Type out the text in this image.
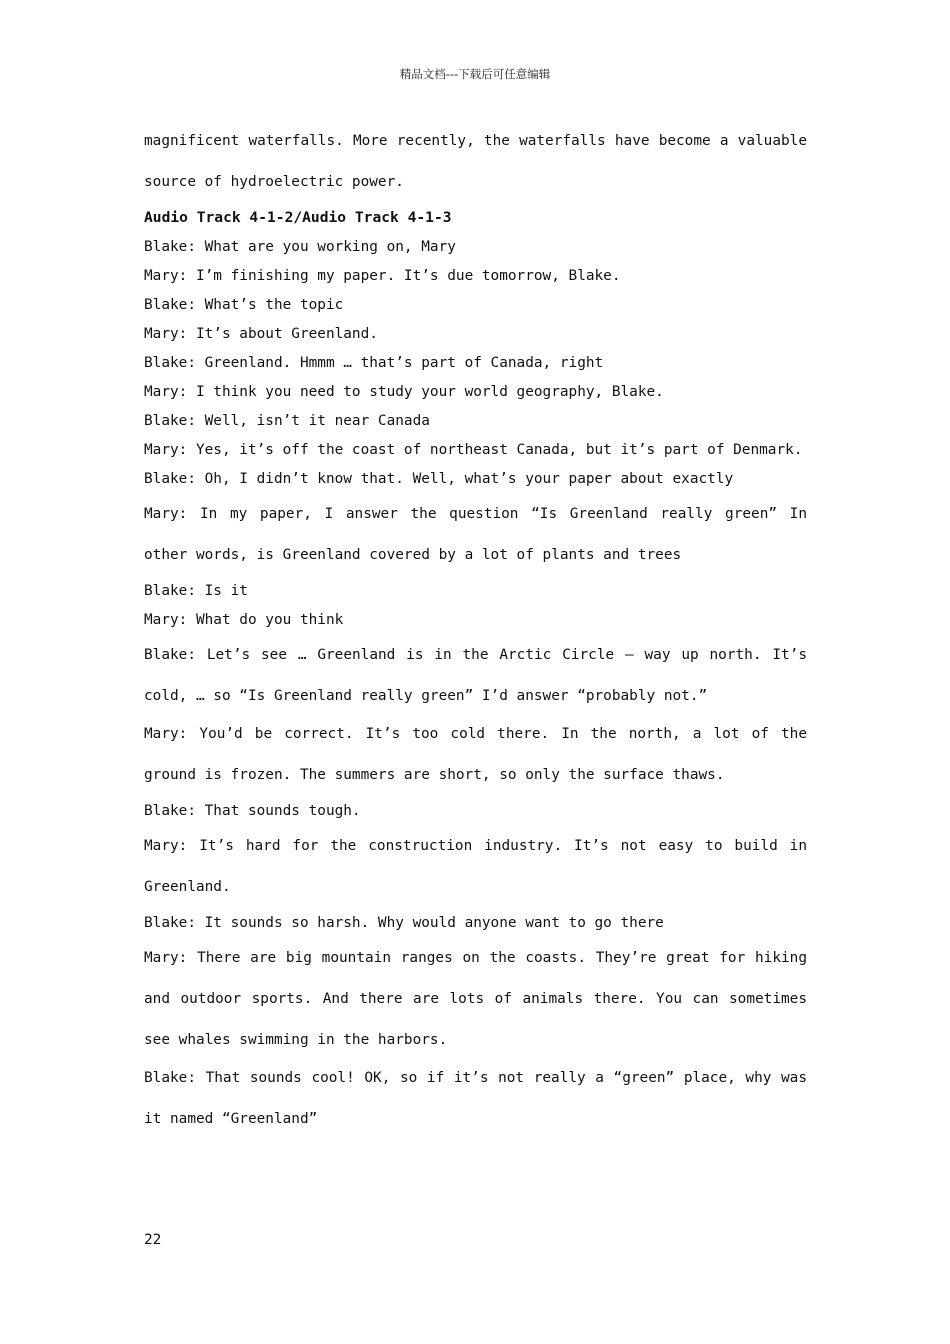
精品文档---下载后可任意编辑

magnificent waterfalls. More recently, the waterfalls have become a valuable source of hydroelectric power.

Audio Track 4-1-2/Audio Track 4-1-3

Blake: What are you working on, Mary

Mary: I’m finishing my paper. It’s due tomorrow, Blake.

Blake: What’s the topic

Mary: It’s about Greenland.

Blake: Greenland. Hmmm … that’s part of Canada, right

Mary: I think you need to study your world geography, Blake.

Blake: Well, isn’t it near Canada

Mary: Yes, it’s off the coast of northeast Canada, but it’s part of Denmark.

Blake: Oh, I didn’t know that. Well, what’s your paper about exactly

Mary: In my paper, I answer the question “Is Greenland really green” In other words, is Greenland covered by a lot of plants and trees

Blake: Is it

Mary: What do you think

Blake: Let’s see … Greenland is in the Arctic Circle — way up north. It’s cold, … so “Is Greenland really green” I’d answer “probably not.”

Mary: You’d be correct. It’s too cold there. In the north, a lot of the ground is frozen. The summers are short, so only the surface thaws.

Blake: That sounds tough.

Mary: It’s hard for the construction industry. It’s not easy to build in Greenland.

Blake: It sounds so harsh. Why would anyone want to go there

Mary: There are big mountain ranges on the coasts. They’re great for hiking and outdoor sports. And there are lots of animals there. You can sometimes see whales swimming in the harbors.

Blake: That sounds cool! OK, so if it’s not really a “green” place, why was it named “Greenland”

22
